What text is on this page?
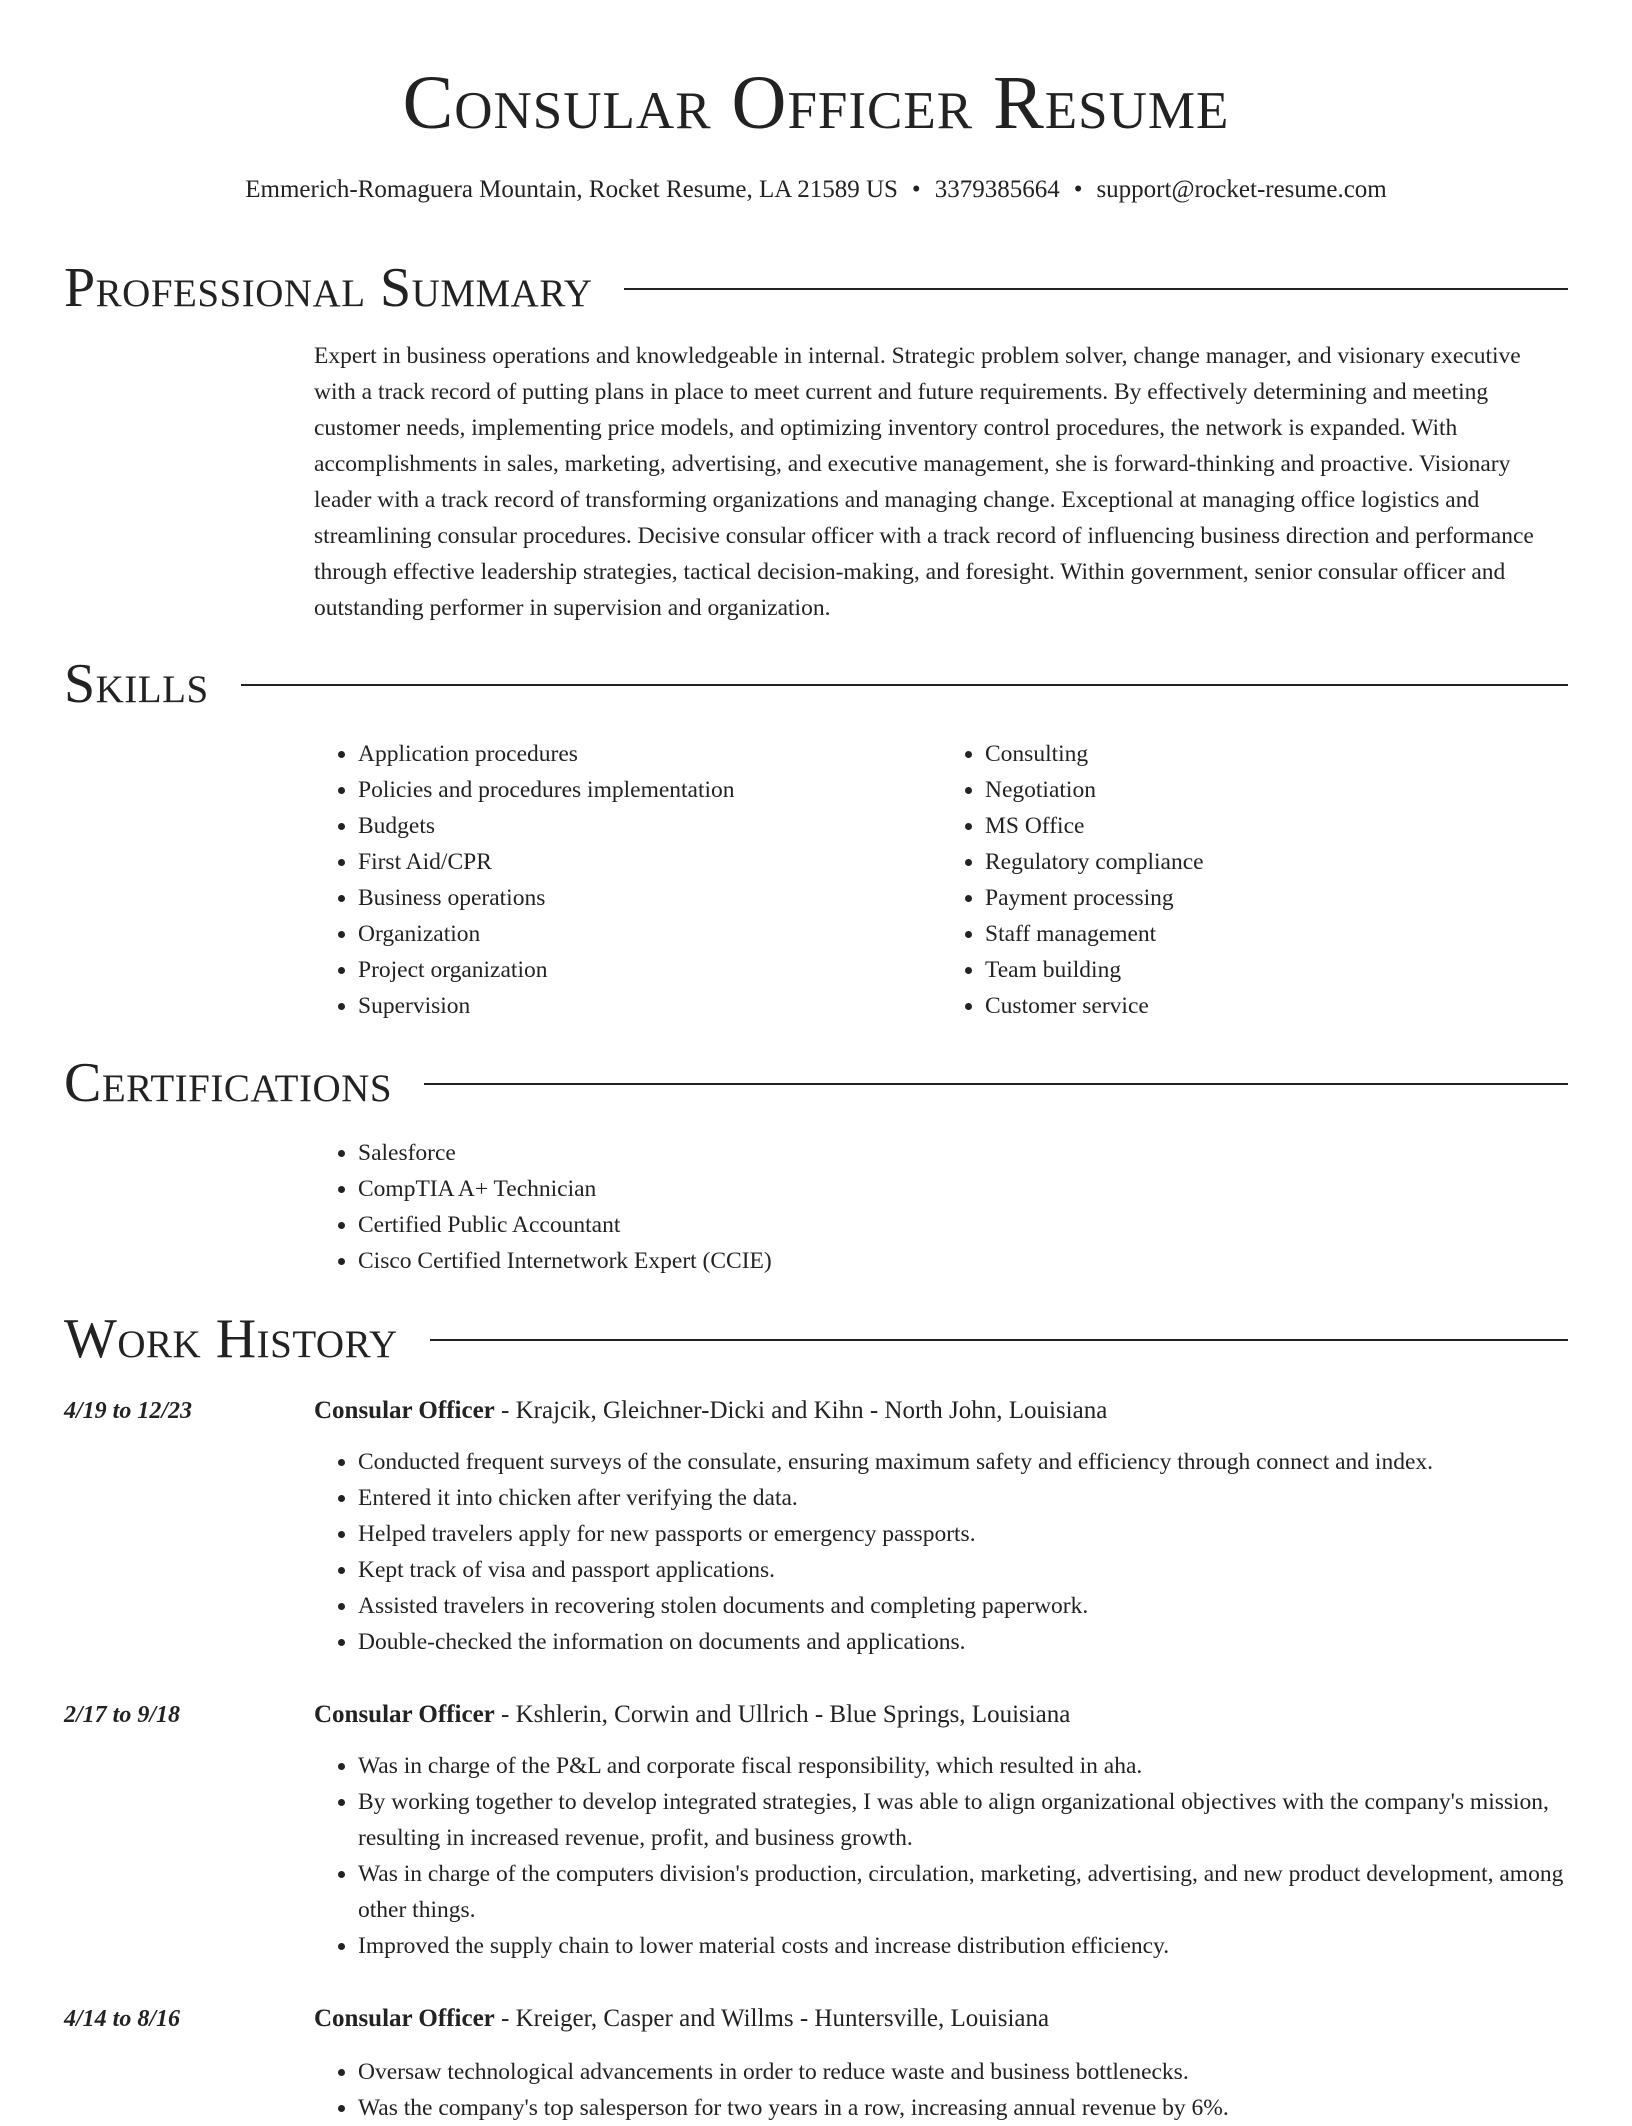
Consular Officer Resume
Emmerich-Romaguera Mountain, Rocket Resume, LA 21589 US • 3379385664 • support@rocket-resume.com
Professional Summary
Expert in business operations and knowledgeable in internal. Strategic problem solver, change manager, and visionary executive with a track record of putting plans in place to meet current and future requirements. By effectively determining and meeting customer needs, implementing price models, and optimizing inventory control procedures, the network is expanded. With accomplishments in sales, marketing, advertising, and executive management, she is forward-thinking and proactive. Visionary leader with a track record of transforming organizations and managing change. Exceptional at managing office logistics and streamlining consular procedures. Decisive consular officer with a track record of influencing business direction and performance through effective leadership strategies, tactical decision-making, and foresight. Within government, senior consular officer and outstanding performer in supervision and organization.
Skills
• Application procedures
• Policies and procedures implementation
• Budgets
• First Aid/CPR
• Business operations
• Organization
• Project organization
• Supervision
• Consulting
• Negotiation
• MS Office
• Regulatory compliance
• Payment processing
• Staff management
• Team building
• Customer service
Certifications
• Salesforce
• CompTIA A+ Technician
• Certified Public Accountant
• Cisco Certified Internetwork Expert (CCIE)
Work History
4/19 to 12/23	Consular Officer - Krajcik, Gleichner-Dicki and Kihn - North John, Louisiana
• Conducted frequent surveys of the consulate, ensuring maximum safety and efficiency through connect and index.
• Entered it into chicken after verifying the data.
• Helped travelers apply for new passports or emergency passports.
• Kept track of visa and passport applications.
• Assisted travelers in recovering stolen documents and completing paperwork.
• Double-checked the information on documents and applications.
2/17 to 9/18	Consular Officer - Kshlerin, Corwin and Ullrich - Blue Springs, Louisiana
• Was in charge of the P&L and corporate fiscal responsibility, which resulted in aha.
• By working together to develop integrated strategies, I was able to align organizational objectives with the company's mission, resulting in increased revenue, profit, and business growth.
• Was in charge of the computers division's production, circulation, marketing, advertising, and new product development, among other things.
• Improved the supply chain to lower material costs and increase distribution efficiency.
4/14 to 8/16	Consular Officer - Kreiger, Casper and Willms - Huntersville, Louisiana
• Oversaw technological advancements in order to reduce waste and business bottlenecks.
• Was the company's top salesperson for two years in a row, increasing annual revenue by 6%.
